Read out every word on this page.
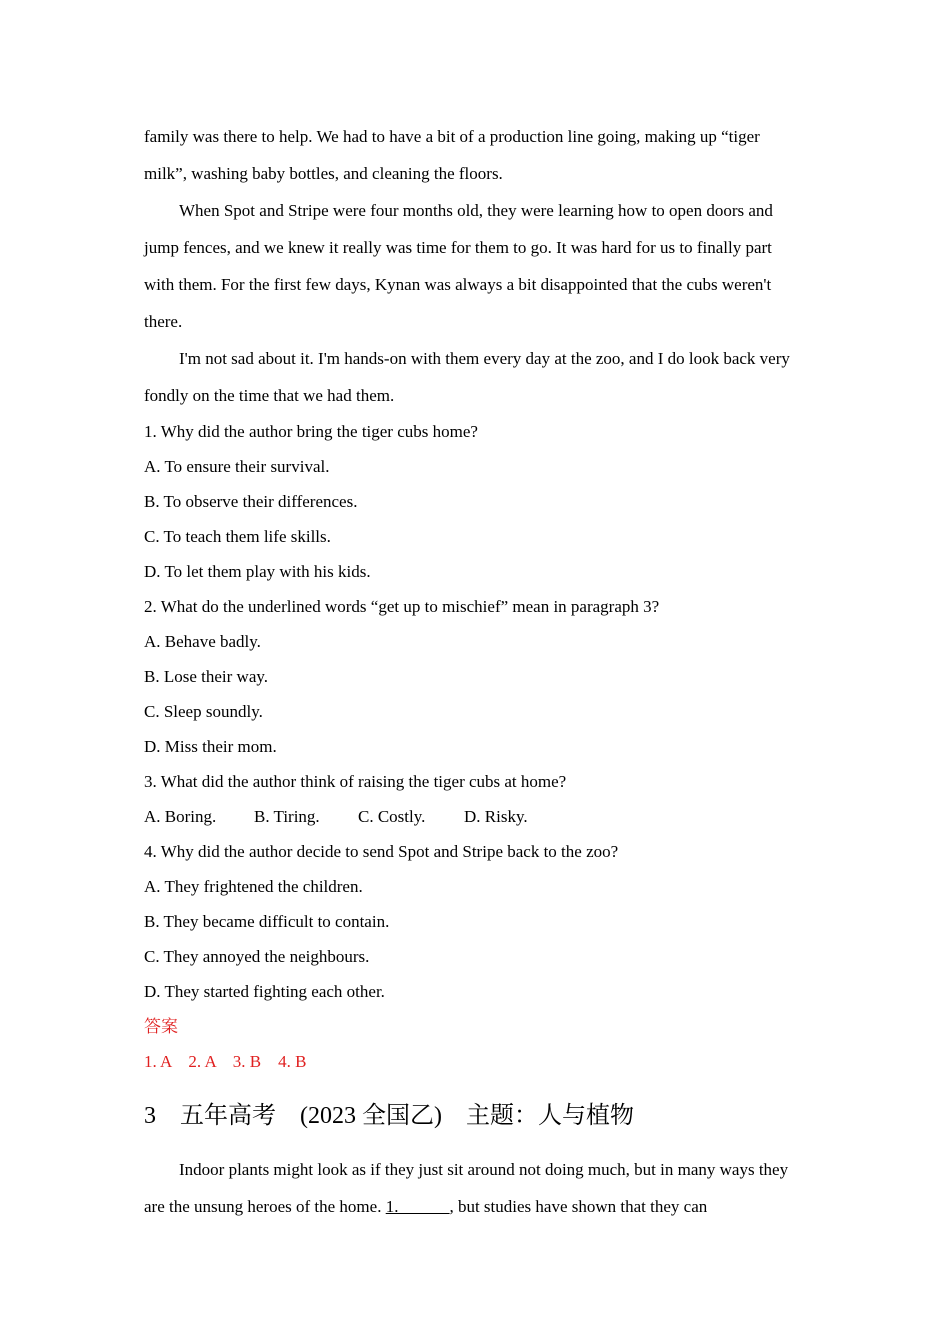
family was there to help. We had to have a bit of a production line going, making up “tiger milk”, washing baby bottles, and cleaning the floors.

When Spot and Stripe were four months old, they were learning how to open doors and jump fences, and we knew it really was time for them to go. It was hard for us to finally part with them. For the first few days, Kynan was always a bit disappointed that the cubs weren't there.

I'm not sad about it. I'm hands-on with them every day at the zoo, and I do look back very fondly on the time that we had them.

1. Why did the author bring the tiger cubs home?

A. To ensure their survival.

B. To observe their differences.

C. To teach them life skills.

D. To let them play with his kids.

2. What do the underlined words “get up to mischief” mean in paragraph 3?

A. Behave badly.

B. Lose their way.

C. Sleep soundly.

D. Miss their mom.

3. What did the author think of raising the tiger cubs at home?

A. Boring. B. Tiring. C. Costly. D. Risky.

4. Why did the author decide to send Spot and Stripe back to the zoo?

A. They frightened the children.

B. They became difficult to contain.

C. They annoyed the neighbours.

D. They started fighting each other.

答案

1. A    2. A    3. B    4. B

3    五年高考    (2023 全国乙)    主题：人与植物

Indoor plants might look as if they just sit around not doing much, but in many ways they are the unsung heroes of the home. 1.______, but studies have shown that they can
